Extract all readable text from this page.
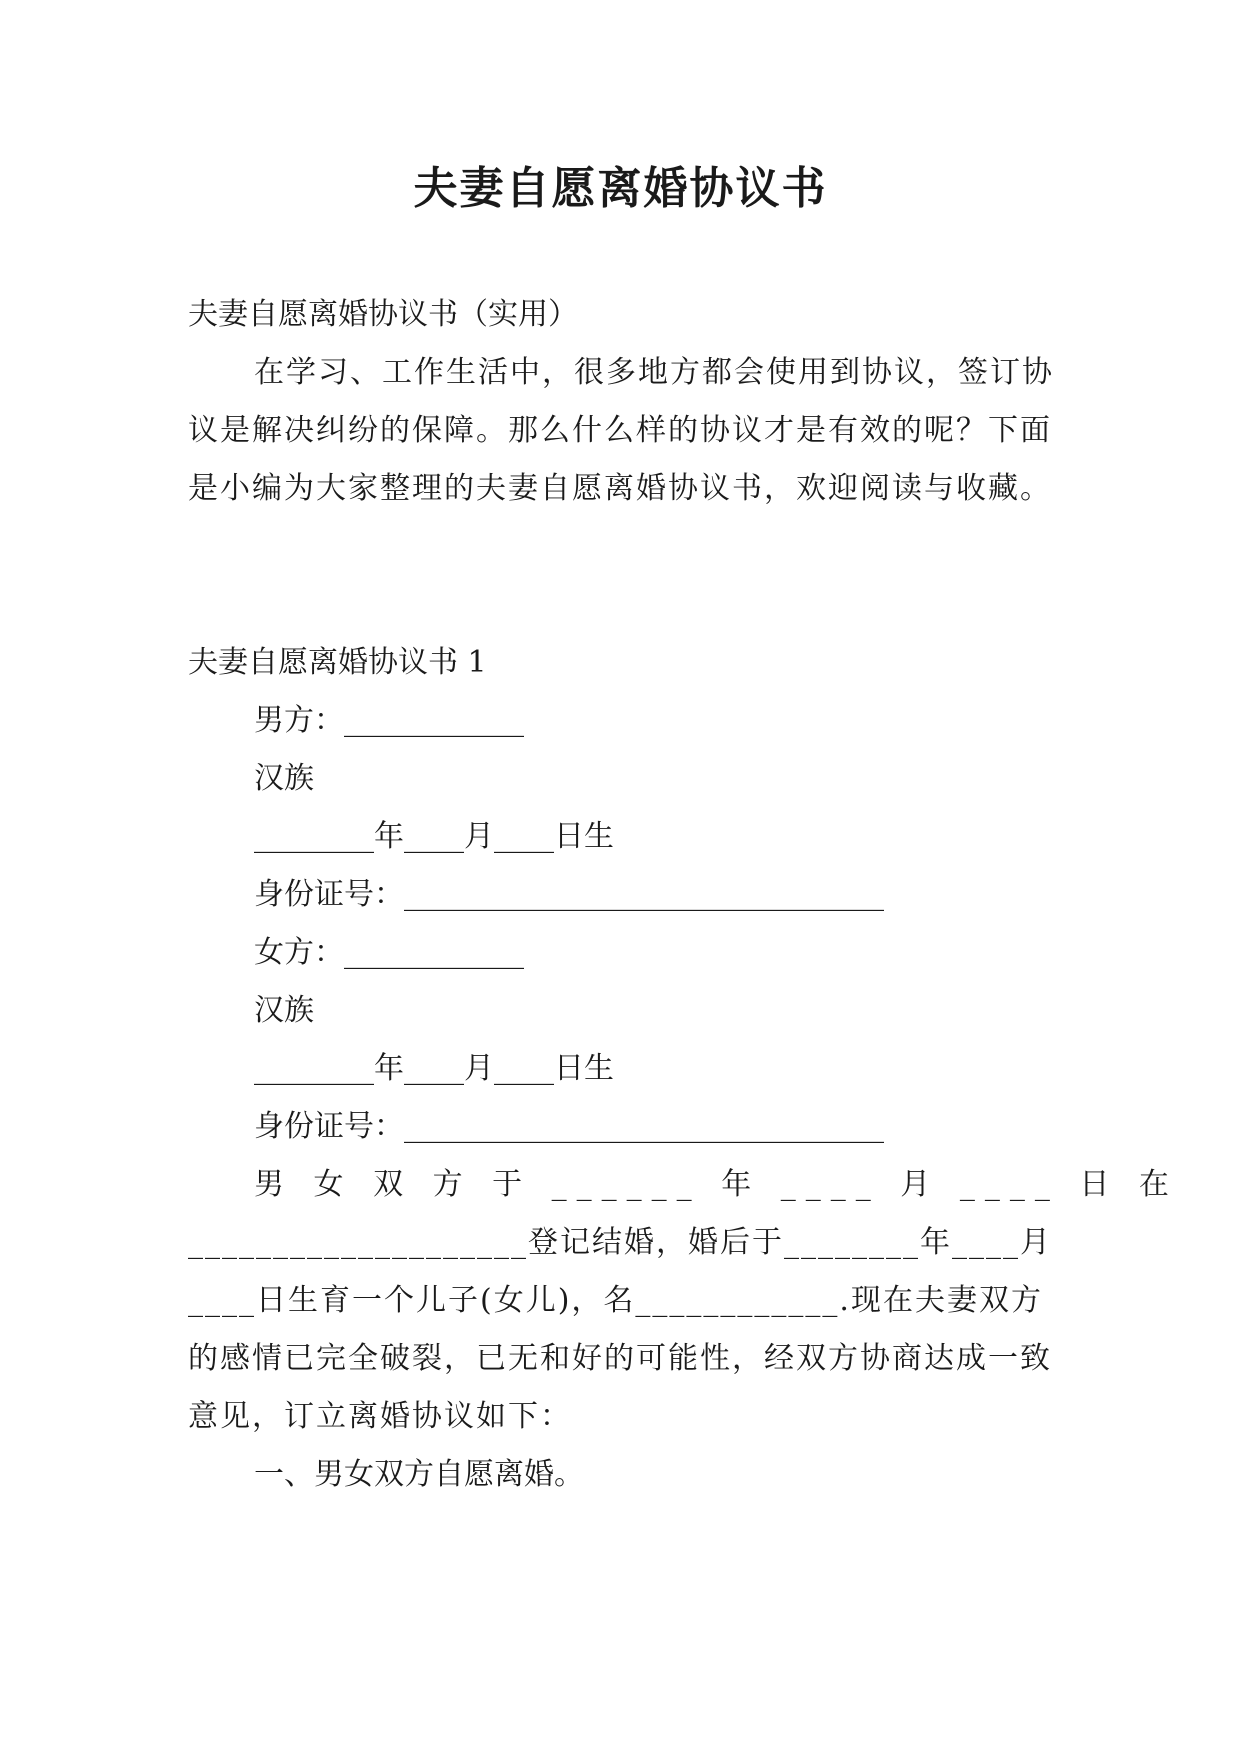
夫妻自愿离婚协议书

夫妻自愿离婚协议书（实用）

在学习、工作生活中，很多地方都会使用到协议，签订协议是解决纠纷的保障。那么什么样的协议才是有效的呢？下面是小编为大家整理的夫妻自愿离婚协议书，欢迎阅读与收藏。

夫妻自愿离婚协议书 1

男方：____________

汉族

________年____月____日生

身份证号：________________________________

女方：____________

汉族

________年____月____日生

身份证号：________________________________

男 女 双 方 于 ______ 年 ____ 月 ____ 日 在

____________________登记结婚，婚后于________年____月____日生育一个儿子(女儿)，名____________.现在夫妻双方的感情已完全破裂，已无和好的可能性，经双方协商达成一致意见，订立离婚协议如下：

一、男女双方自愿离婚。
